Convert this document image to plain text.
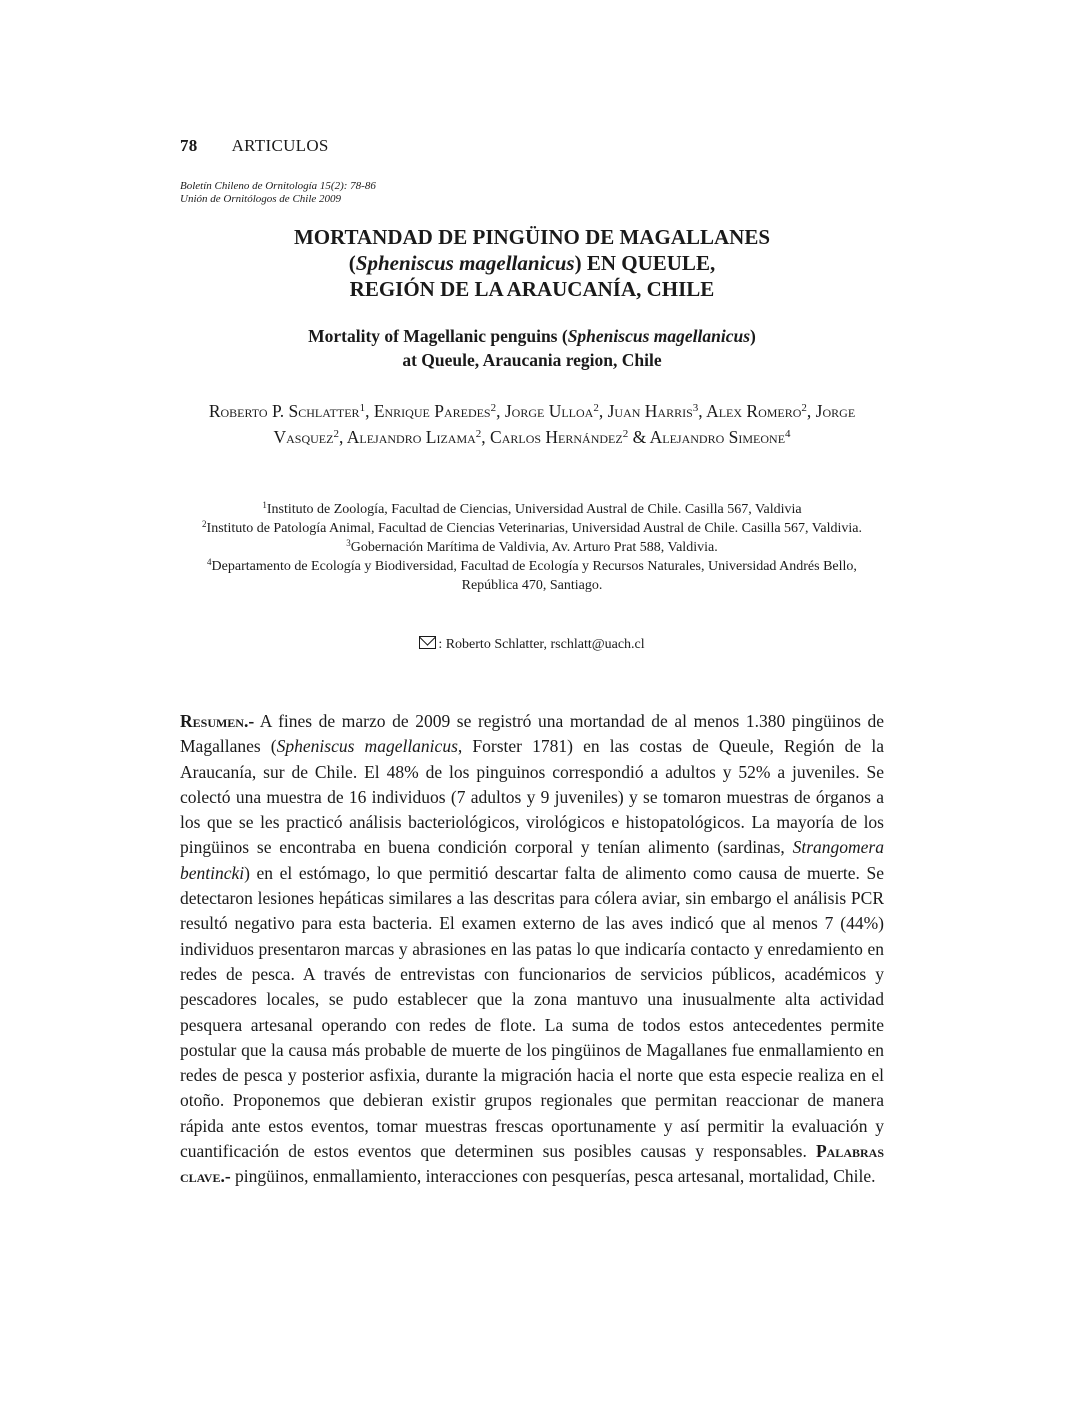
78 ARTICULOS
Boletín Chileno de Ornitología 15(2): 78-86
Unión de Ornitólogos de Chile 2009
MORTANDAD DE PINGÜINO DE MAGALLANES
(Spheniscus magellanicus) EN QUEULE,
REGIÓN DE LA ARAUCANÍA, CHILE
Mortality of Magellanic penguins (Spheniscus magellanicus)
at Queule, Araucania region, Chile
Roberto P. Schlatter$^1$, Enrique Paredes$^2$, Jorge Ulloa$^2$, Juan Harris$^3$, Alex Romero$^2$, Jorge Vasquez$^2$, Alejandro Lizama$^2$, Carlos Hernández$^2$ & Alejandro Simeone$^4$
$^1$Instituto de Zoología, Facultad de Ciencias, Universidad Austral de Chile. Casilla 567, Valdivia
$^2$Instituto de Patología Animal, Facultad de Ciencias Veterinarias, Universidad Austral de Chile. Casilla 567, Valdivia.
$^3$Gobernación Marítima de Valdivia, Av. Arturo Prat 588, Valdivia.
$^4$Departamento de Ecología y Biodiversidad, Facultad de Ecología y Recursos Naturales, Universidad Andrés Bello, República 470, Santiago.
: Roberto Schlatter, rschlatt@uach.cl
Resumen.- A fines de marzo de 2009 se registró una mortandad de al menos 1.380 pingüinos de Magallanes (Spheniscus magellanicus, Forster 1781) en las costas de Queule, Región de la Araucanía, sur de Chile. El 48% de los pinguinos correspondió a adultos y 52% a juveniles. Se colectó una muestra de 16 individuos (7 adultos y 9 juveniles) y se tomaron muestras de órganos a los que se les practicó análisis bacteriológicos, virológicos e histopatológicos. La mayoría de los pingüinos se encontraba en buena condición corporal y tenían alimento (sardinas, Strangomera bentincki) en el estómago, lo que permitió descartar falta de alimento como causa de muerte. Se detectaron lesiones hepáticas similares a las descritas para cólera aviar, sin embargo el análisis PCR resultó negativo para esta bacteria. El examen externo de las aves indicó que al menos 7 (44%) individuos presentaron marcas y abrasiones en las patas lo que indicaría contacto y enredamiento en redes de pesca. A través de entrevistas con funcionarios de servicios públicos, académicos y pescadores locales, se pudo establecer que la zona mantuvo una inusualmente alta actividad pesquera artesanal operando con redes de flote. La suma de todos estos antecedentes permite postular que la causa más probable de muerte de los pingüinos de Magallanes fue enmallamiento en redes de pesca y posterior asfixia, durante la migración hacia el norte que esta especie realiza en el otoño. Proponemos que debieran existir grupos regionales que permitan reaccionar de manera rápida ante estos eventos, tomar muestras frescas oportunamente y así permitir la evaluación y cuantificación de estos eventos que determinen sus posibles causas y responsables. Palabras clave.- pingüinos, enmallamiento, interacciones con pesquerías, pesca artesanal, mortalidad, Chile.
